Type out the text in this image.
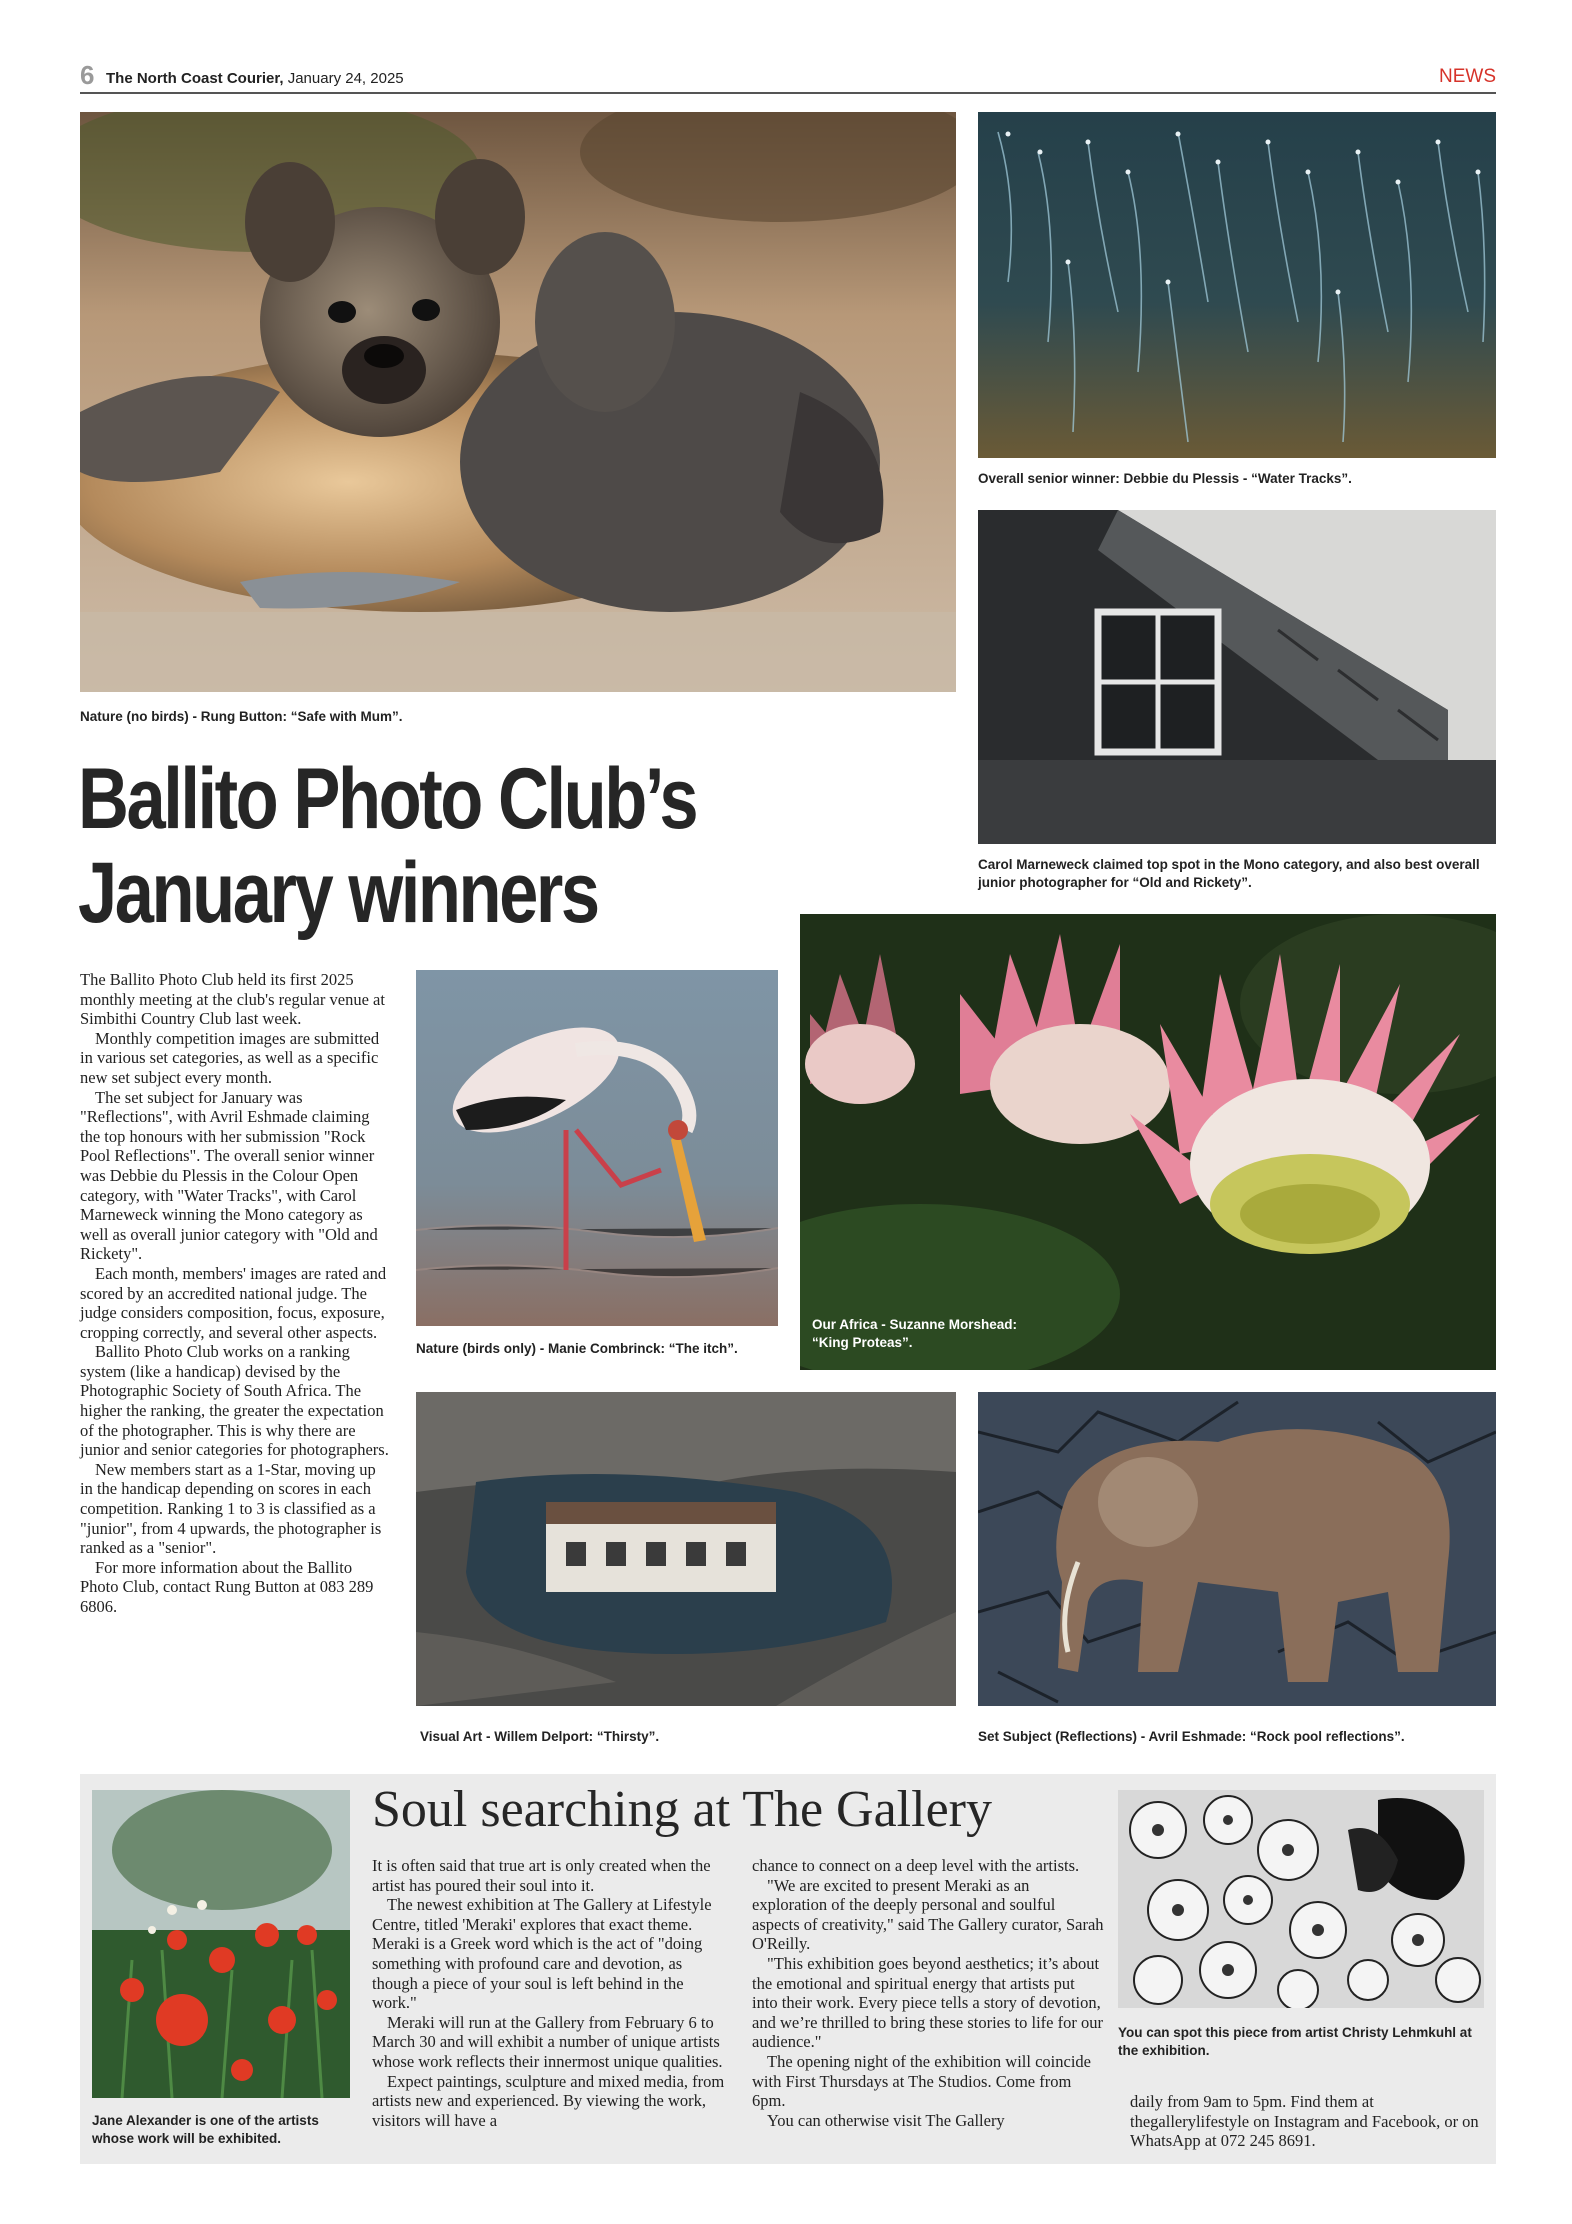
6 The North Coast Courier, January 24, 2025	NEWS
Nature (no birds) - Rung Button: “Safe with Mum”.
Overall senior winner: Debbie du Plessis - “Water Tracks”.
Carol Marneweck claimed top spot in the Mono category, and also best overall junior photographer for “Old and Rickety”.
Ballito Photo Club’s
January winners

The Ballito Photo Club held its first 2025 monthly meeting at the club's regular venue at Simbithi Country Club last week.

Monthly competition images are submitted in various set categories, as well as a specific new set subject every month.

The set subject for January was "Reflections", with Avril Eshmade claiming the top honours with her submission "Rock Pool Reflections". The overall senior winner was Debbie du Plessis in the Colour Open category, with "Water Tracks", with Carol Marneweck winning the Mono category as well as overall junior category with "Old and Rickety".

Each month, members' images are rated and scored by an accredited national judge. The judge considers composition, focus, exposure, cropping correctly, and several other aspects.

Ballito Photo Club works on a ranking system (like a handicap) devised by the Photographic Society of South Africa. The higher the ranking, the greater the expectation of the photographer. This is why there are junior and senior categories for photographers.

New members start as a 1-Star, moving up in the handicap depending on scores in each competition. Ranking 1 to 3 is classified as a "junior", from 4 upwards, the photographer is ranked as a "senior".

For more information about the Ballito Photo Club, contact Rung Button at 083 289 6806.

Nature (birds only) - Manie Combrinck: “The itch”.
Our Africa - Suzanne Morshead:
“King Proteas”.
Visual Art - Willem Delport: “Thirsty”.	Set Subject (Reflections) - Avril Eshmade: “Rock pool reflections”.
Jane Alexander is one of the artists whose work will be exhibited.
Soul searching at The Gallery

It is often said that true art is only created when the artist has poured their soul into it.

The newest exhibition at The Gallery at Lifestyle Centre, titled 'Meraki' explores that exact theme. Meraki is a Greek word which is the act of "doing something with profound care and devotion, as though a piece of your soul is left behind in the work."

Meraki will run at the Gallery from February 6 to March 30 and will exhibit a number of unique artists whose work reflects their innermost unique qualities.

Expect paintings, sculpture and mixed media, from artists new and experienced. By viewing the work, visitors will have a

chance to connect on a deep level with the artists.

"We are excited to present Meraki as an exploration of the deeply personal and soulful aspects of creativity," said The Gallery curator, Sarah O'Reilly.

"This exhibition goes beyond aesthetics; it’s about the emotional and spiritual energy that artists put into their work. Every piece tells a story of devotion, and we’re thrilled to bring these stories to life for our audience."

The opening night of the exhibition will coincide with First Thursdays at The Studios. Come from 6pm.

You can otherwise visit The Gallery

You can spot this piece from artist Christy Lehmkuhl at the exhibition.

daily from 9am to 5pm. Find them at thegallerylifestyle on Instagram and Facebook, or on WhatsApp at 072 245 8691.
